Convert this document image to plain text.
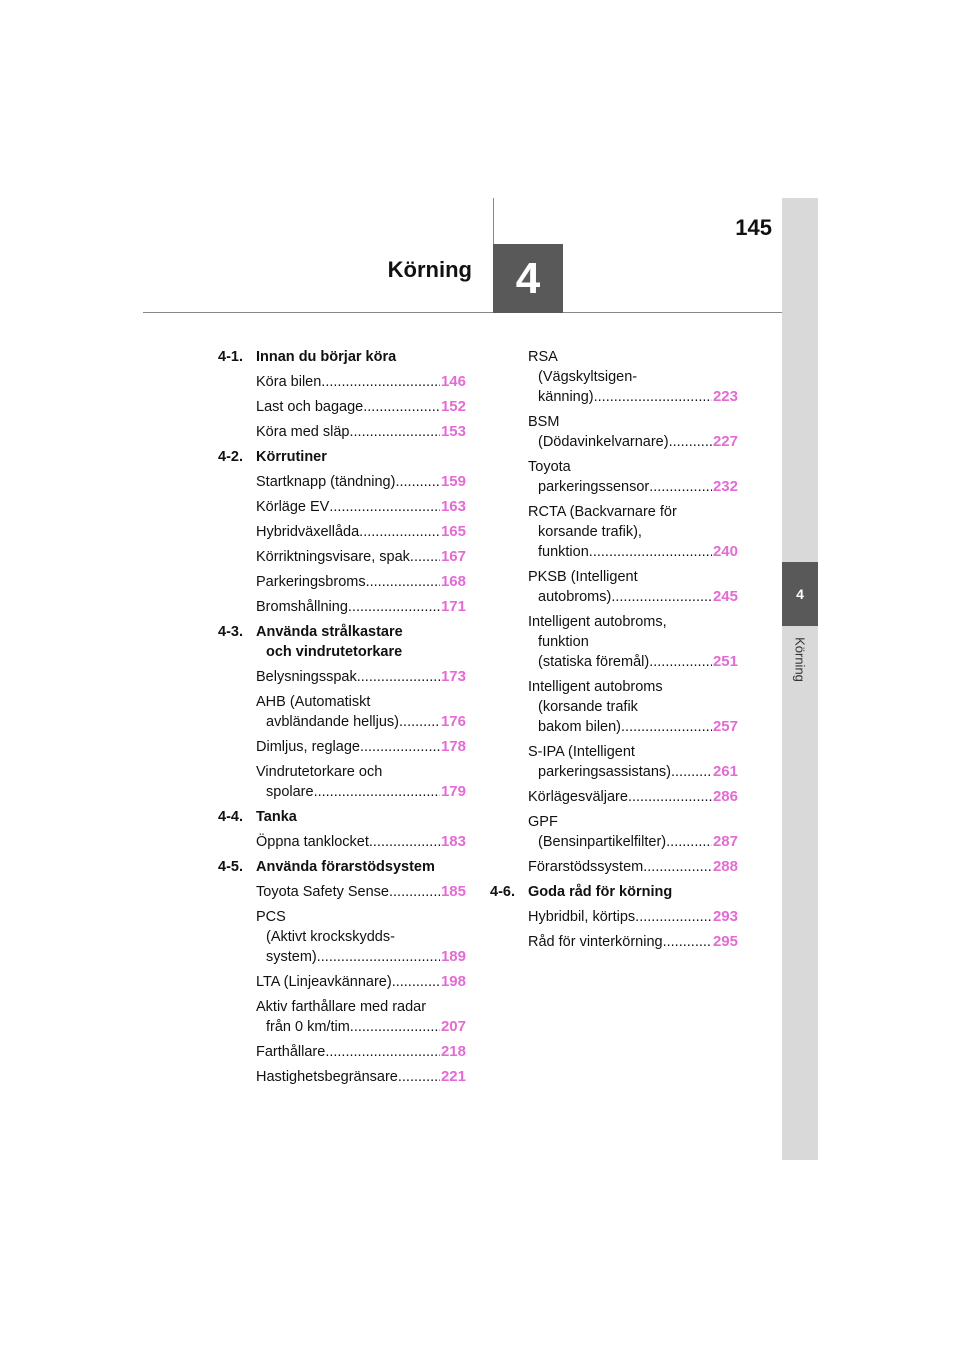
4
Körning
4
Körning
145
4-1. Innan du börjar köra
Köra bilen .....	146
Last och bagage .....	152
Köra med släp .....	153
4-2. Körrutiner
Startknapp (tändning) .....	159
Körläge EV .....	163
Hybridväxellåda .....	165
Körriktningsvisare, spak ..... 167
Parkeringsbroms .....	168
Bromshållning .....	171
4-3. Använda strålkastare
och vindrutetorkare
Belysningsspak .....	173
AHB (Automatiskt
avbländande helljus) .....	176
Dimljus, reglage .....	178
Vindrutetorkare och
spolare .....	179
4-4. Tanka
Öppna tanklocket .....	183
4-5. Använda förarstödsystem
Toyota Safety Sense .....	185
PCS
(Aktivt krockskydds-
system) .....	189
LTA (Linjeavkännare) .....	198
Aktiv farthållare med radar
från 0 km/tim .....	207
Farthållare .....	218
Hastighetsbegränsare .....	221
RSA
(Vägskyltsigen-
känning) .....	223
BSM
(Dödavinkelvarnare) .....	227
Toyota
parkeringssensor .....	232
RCTA (Backvarnare för
korsande trafik),
funktion .....	240
PKSB (Intelligent
autobroms) .....	245
Intelligent autobroms,
funktion
(statiska föremål) .....	251
Intelligent autobroms
(korsande trafik
bakom bilen) .....	257
S-IPA (Intelligent
parkeringsassistans) .....	261
Körlägesväljare .....	286
GPF
(Bensinpartikelfilter) .....	287
Förarstödssystem .....	288
4-6. Goda råd för körning
Hybridbil, körtips .....	293
Råd för vinterkörning .....	295
